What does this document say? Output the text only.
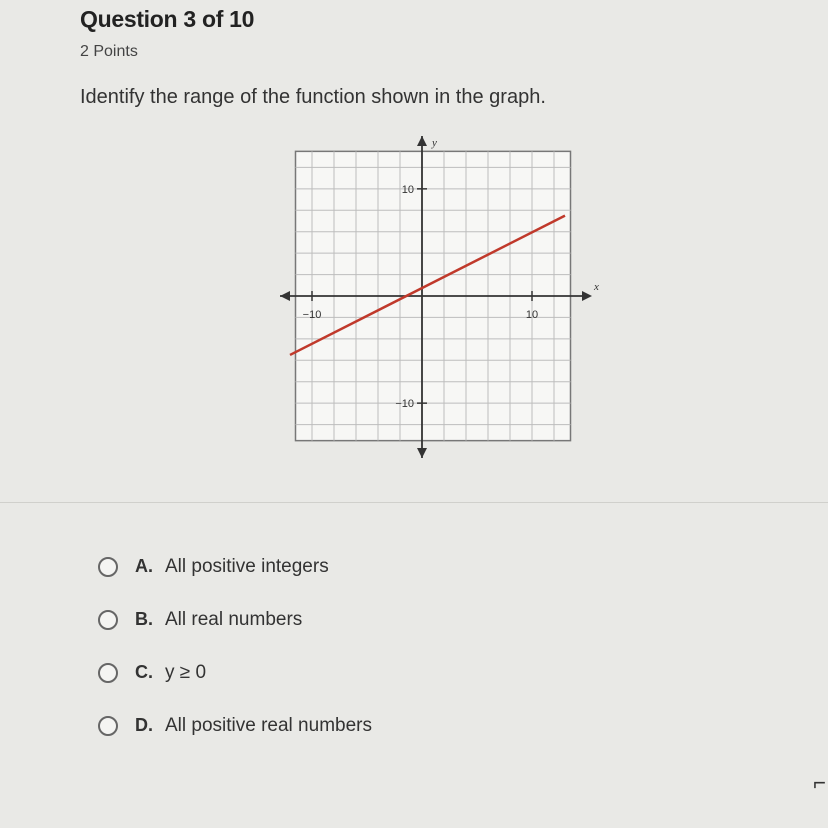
Question 3 of 10
2 Points
Identify the range of the function shown in the graph.
−10	10
10
−10
x
y
A. All positive integers
B. All real numbers
C. y ≥ 0
D. All positive real numbers
⌐
